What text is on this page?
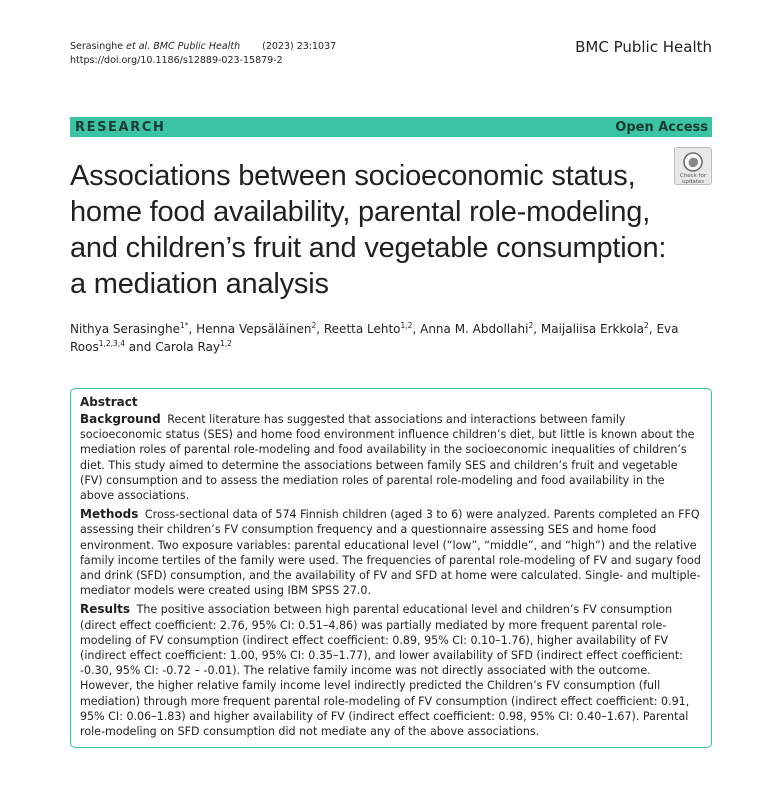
Serasinghe et al. BMC Public Health (2023) 23:1037
https://doi.org/10.1186/s12889-023-15879-2
BMC Public Health
RESEARCH	Open Access
Check for
updates
Associations between socioeconomic status, home food availability, parental role-modeling, and children’s fruit and vegetable consumption: a mediation analysis
Nithya Serasinghe$^{1*}$, Henna Vepsäläinen$^2$, Reetta Lehto$^{1,2}$, Anna M. Abdollahi$^2$, Maijaliisa Erkkola$^2$, Eva Roos$^{1,2,3,4}$ and Carola Ray$^{1,2}$
Abstract

Background Recent literature has suggested that associations and interactions between family socioeconomic status (SES) and home food environment influence children’s diet, but little is known about the mediation roles of parental role-modeling and food availability in the socioeconomic inequalities of children’s diet. This study aimed to determine the associations between family SES and children’s fruit and vegetable (FV) consumption and to assess the mediation roles of parental role-modeling and food availability in the above associations.

Methods Cross-sectional data of 574 Finnish children (aged 3 to 6) were analyzed. Parents completed an FFQ assessing their children’s FV consumption frequency and a questionnaire assessing SES and home food environment. Two exposure variables: parental educational level (“low”, “middle”, and “high”) and the relative family income tertiles of the family were used. The frequencies of parental role-modeling of FV and sugary food and drink (SFD) consumption, and the availability of FV and SFD at home were calculated. Single- and multiple-mediator models were created using IBM SPSS 27.0.

Results The positive association between high parental educational level and children’s FV consumption (direct effect coefficient: 2.76, 95% CI: 0.51–4.86) was partially mediated by more frequent parental role-modeling of FV consumption (indirect effect coefficient: 0.89, 95% CI: 0.10–1.76), higher availability of FV (indirect effect coefficient: 1.00, 95% CI: 0.35–1.77), and lower availability of SFD (indirect effect coefficient: -0.30, 95% CI: -0.72 – -0.01). The relative family income was not directly associated with the outcome. However, the higher relative family income level indirectly predicted the Children’s FV consumption (full mediation) through more frequent parental role-modeling of FV consumption (indirect effect coefficient: 0.91, 95% CI: 0.06–1.83) and higher availability of FV (indirect effect coefficient: 0.98, 95% CI: 0.40–1.67). Parental role-modeling on SFD consumption did not mediate any of the above associations.
